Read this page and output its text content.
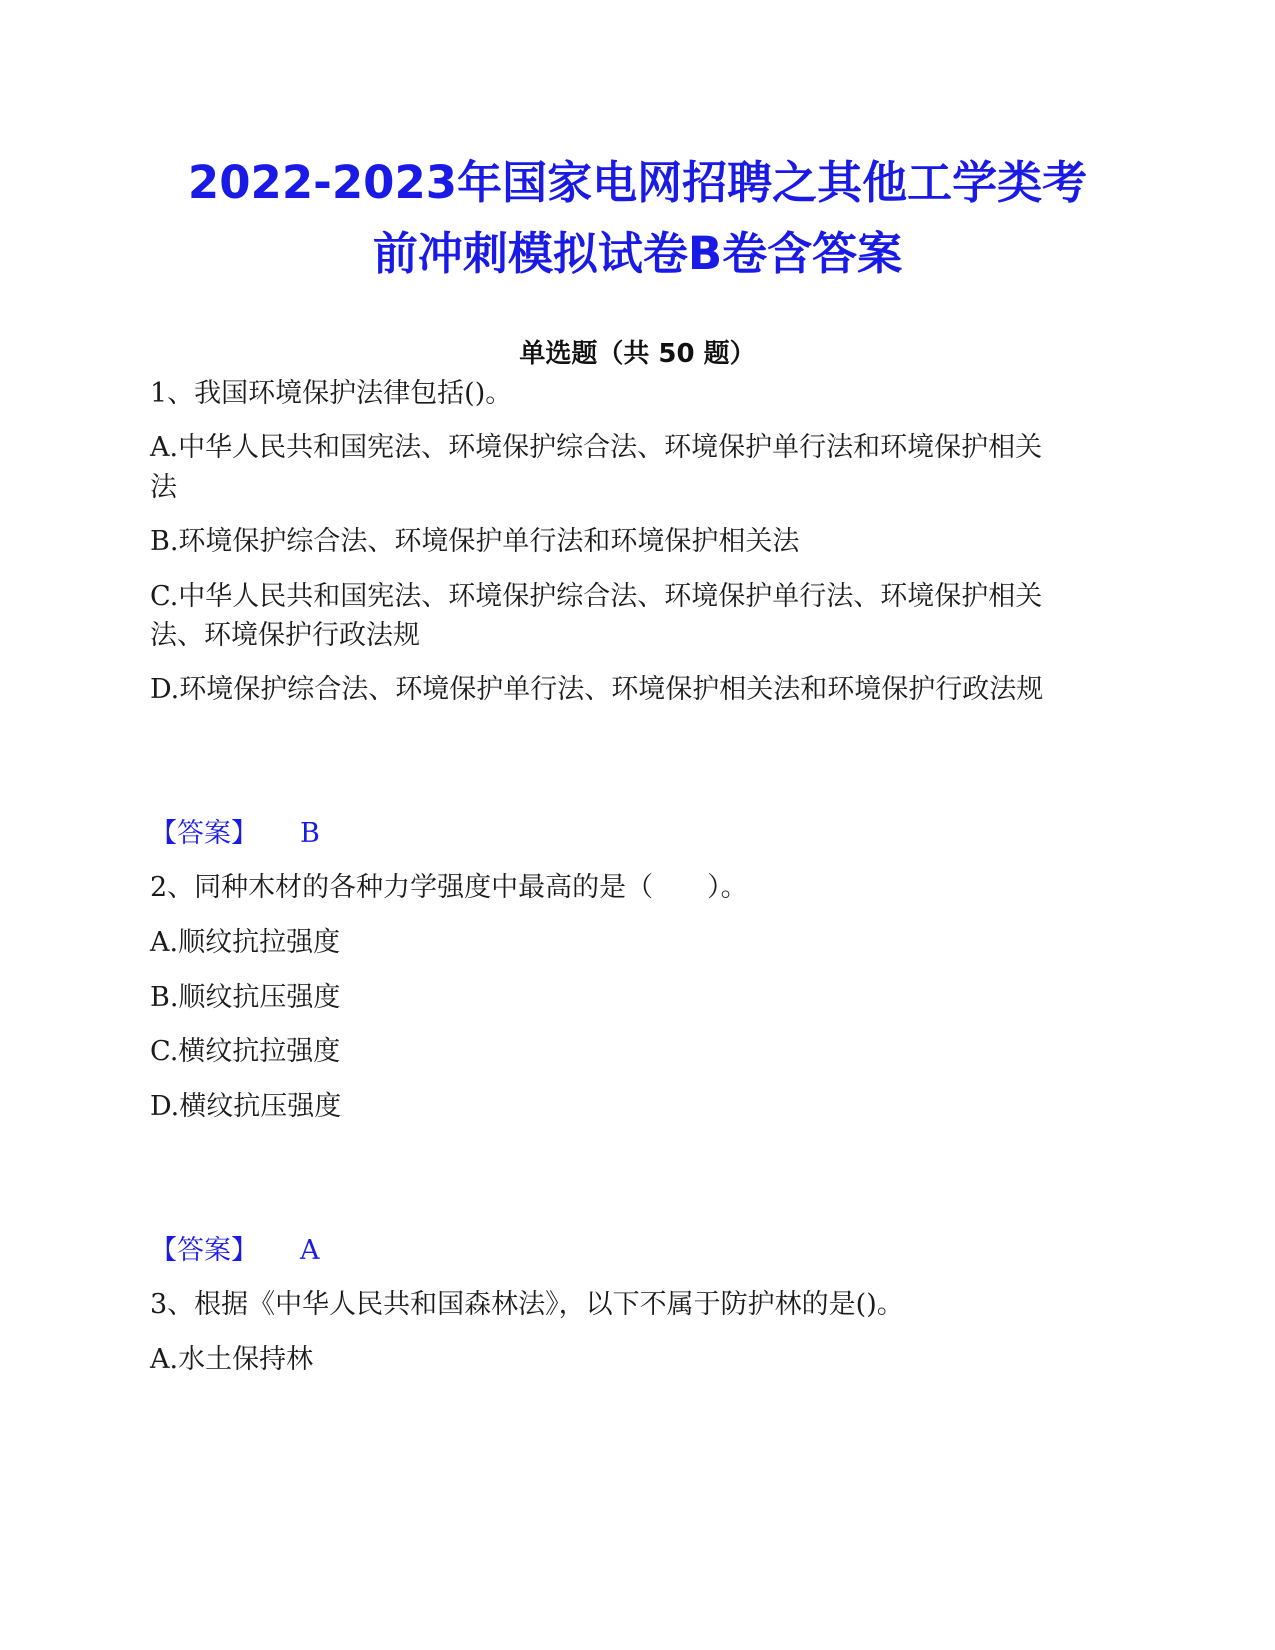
2022-2023年国家电网招聘之其他工学类考
前冲刺模拟试卷B卷含答案
单选题（共 50 题）
1、我国环境保护法律包括()。
A.中华人民共和国宪法、环境保护综合法、环境保护单行法和环境保护相关
法
B.环境保护综合法、环境保护单行法和环境保护相关法
C.中华人民共和国宪法、环境保护综合法、环境保护单行法、环境保护相关
法、环境保护行政法规
D.环境保护综合法、环境保护单行法、环境保护相关法和环境保护行政法规
【答案】 B
2、同种木材的各种力学强度中最高的是（　　）。
A.顺纹抗拉强度
B.顺纹抗压强度
C.横纹抗拉强度
D.横纹抗压强度
【答案】 A
3、根据《中华人民共和国森林法》，以下不属于防护林的是()。
A.水土保持林
